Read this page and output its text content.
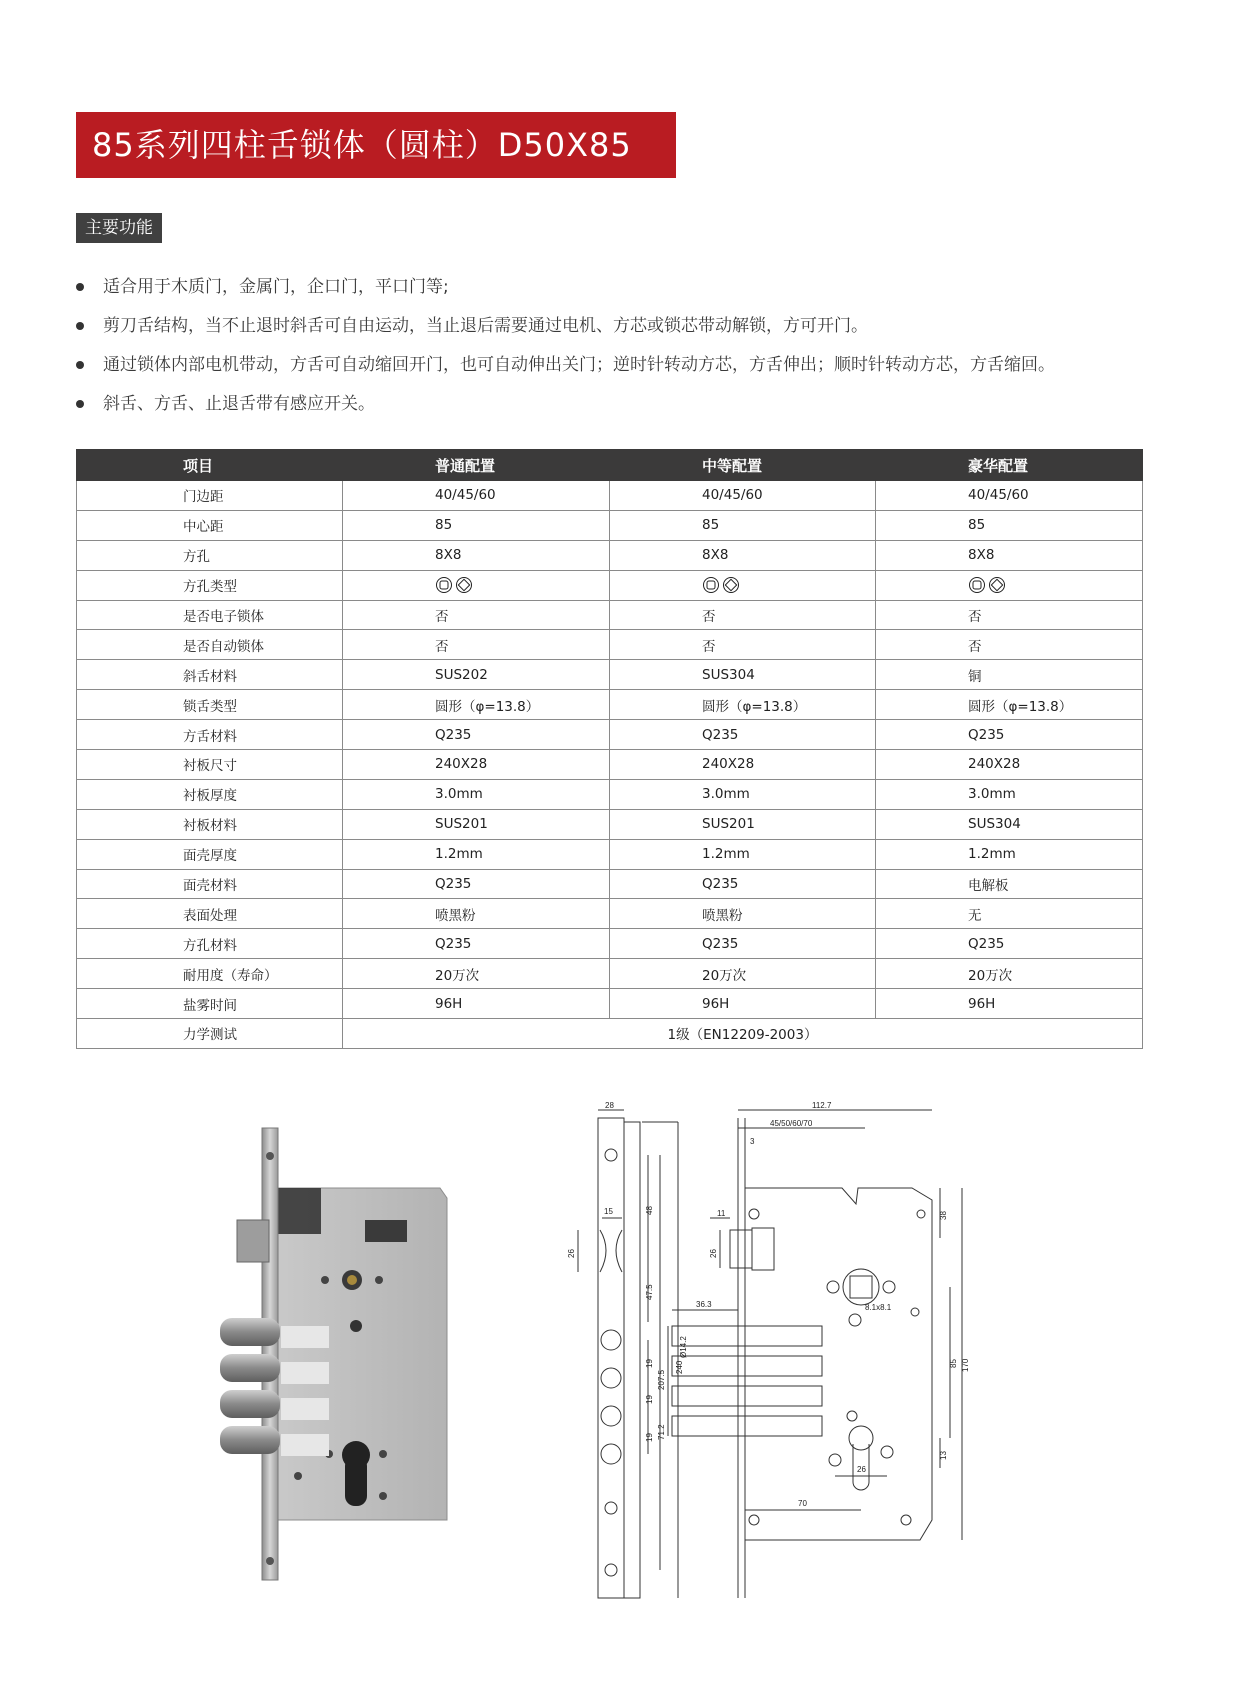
85系列四柱舌锁体（圆柱）D50X85
主要功能
适合用于木质门，金属门，企口门，平口门等;
剪刀舌结构，当不止退时斜舌可自由运动，当止退后需要通过电机、方芯或锁芯带动解锁，方可开门。
通过锁体内部电机带动，方舌可自动缩回开门，也可自动伸出关门；逆时针转动方芯，方舌伸出；顺时针转动方芯，方舌缩回。
斜舌、方舌、止退舌带有感应开关。
项目	普通配置	中等配置	豪华配置
门边距	40/45/60	40/45/60	40/45/60
中心距	85	85	85
方孔	8X8	8X8	8X8
方孔类型			
是否电子锁体	否	否	否
是否自动锁体	否	否	否
斜舌材料	SUS202	SUS304	铜
锁舌类型	圆形（φ=13.8）	圆形（φ=13.8）	圆形（φ=13.8）
方舌材料	Q235	Q235	Q235
衬板尺寸	240X28	240X28	240X28
衬板厚度	3.0mm	3.0mm	3.0mm
衬板材料	SUS201	SUS201	SUS304
面壳厚度	1.2mm	1.2mm	1.2mm
面壳材料	Q235	Q235	电解板
表面处理	喷黑粉	喷黑粉	无
方孔材料	Q235	Q235	Q235
耐用度（寿命）	20万次	20万次	20万次
盐雾时间	96H	96H	96H
力学测试	1级（EN12209-2003）		
28
15	48
26
47.5
19
19
19
207.5
240
112.7
45/50/60/70
3
11
26
36.3
Ø14.2
71.2
38
8.1x8.1
85 170
13
26
70
